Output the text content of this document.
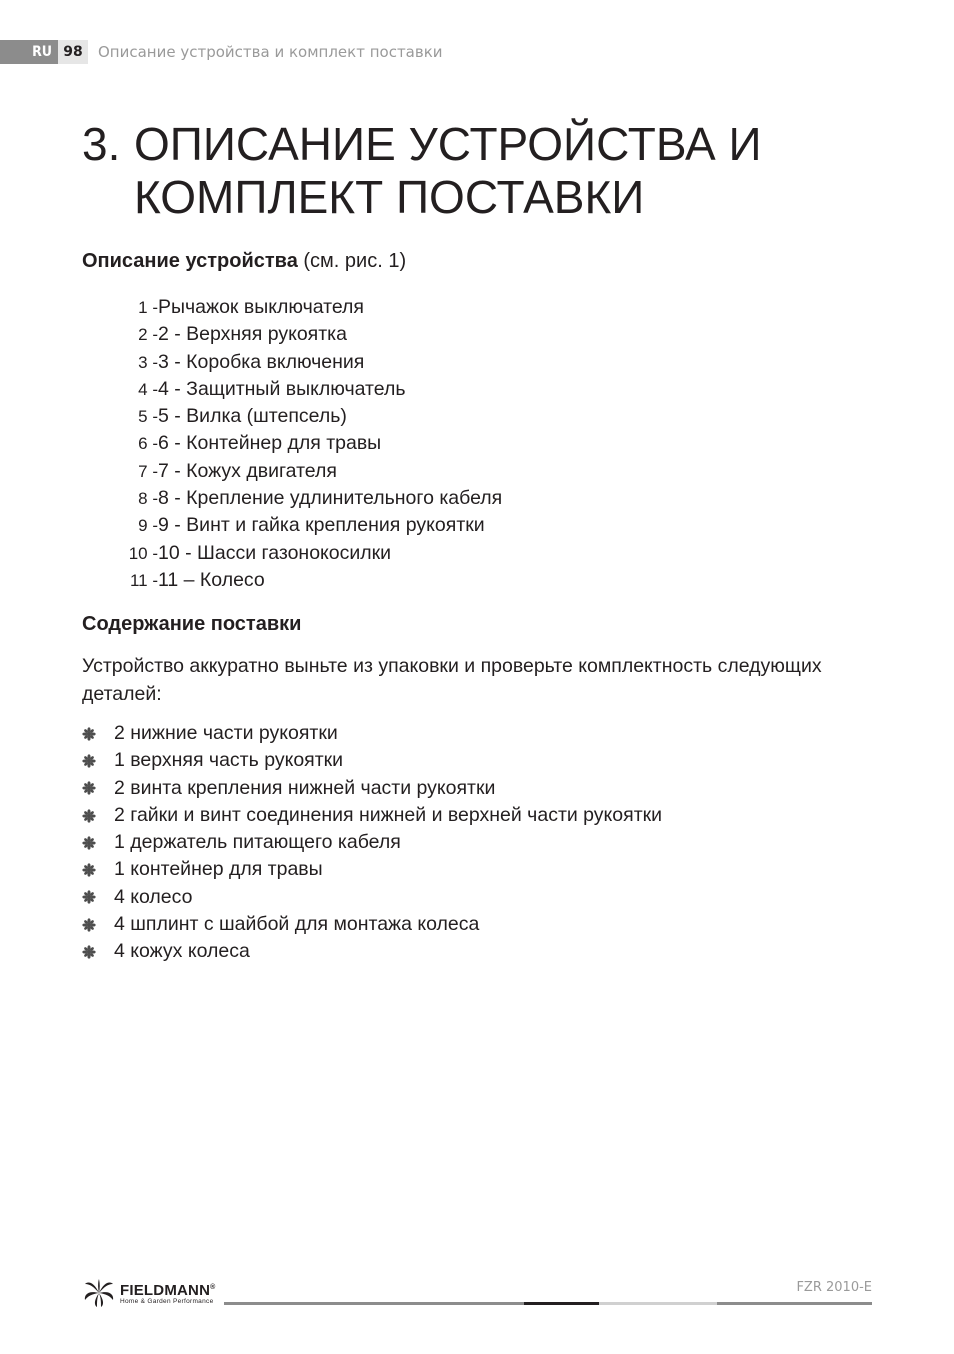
RU 98	Описание устройства и комплект поставки
3. ОПИСАНИЕ УСТРОЙСТВА И
КОМПЛЕКТ ПОСТАВКИ
Описание устройства (см. рис. 1)
1 - Рычажок выключателя
2 - 2 - Верхняя рукоятка
3 - 3 - Коробка включения
4 - 4 - Защитный выключатель
5 - 5 - Вилка (штепсель)
6 - 6 - Контейнер для травы
7 - 7 - Кожух двигателя
8 - 8 - Крепление удлинительного кабеля
9 - 9 - Винт и гайка крепления рукоятки
10 - 10 - Шасси газонокосилки
11 - 11 – Колесо
Содержание поставки
Устройство аккуратно выньте из упаковки и проверьте комплектность следующих деталей:
2 нижние части рукоятки
1 верхняя часть рукоятки
2 винта крепления нижней части рукоятки
2 гайки и винт соединения нижней и верхней части рукоятки
1 держатель питающего кабеля
1 контейнер для травы
4 колесо
4 шплинт с шайбой для монтажа колеса
4 кожух колеса
FIELDMANN®
Home & Garden Performance
FZR 2010-E
